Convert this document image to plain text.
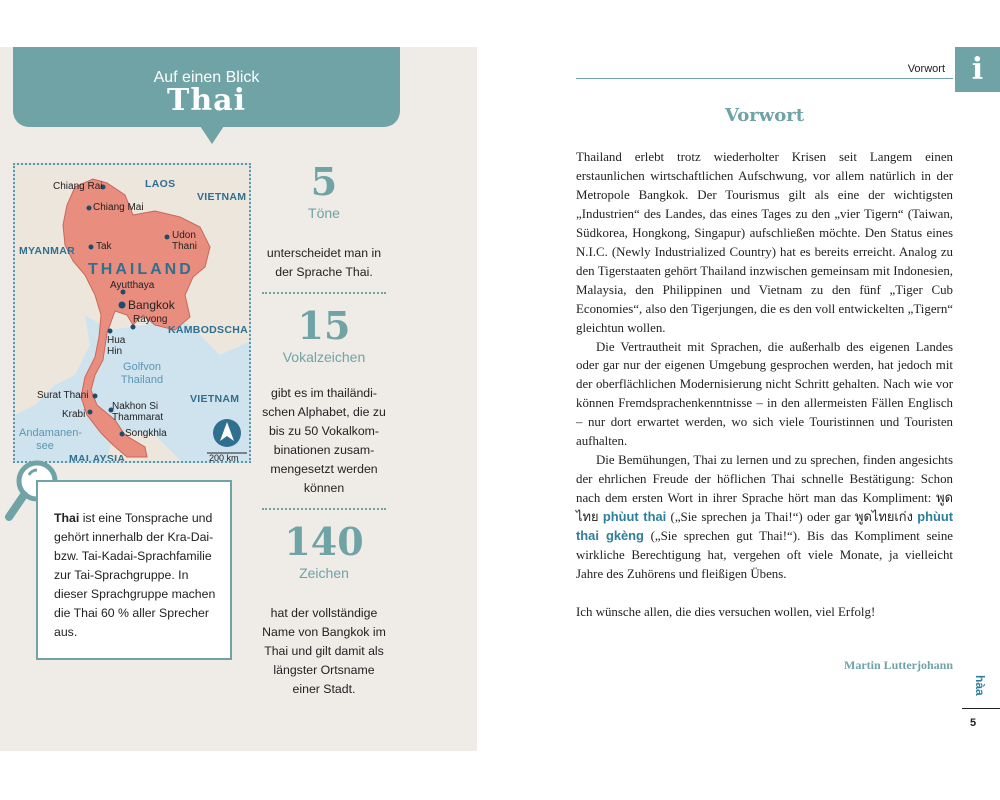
Auf einen Blick
Thai
LAOS
VIETNAM
MYANMAR
KAMBODSCHA
VIETNAM
MALAYSIA
THAILAND
Chiang Rai
Chiang Mai
Udon Thani
Tak
Ayutthaya
Bangkok
Rayong
Hua Hin
Surat Thani
Krabi
Nakhon Si Thammarat
Songkhla
Golfvon Thailand
Andamanen-see
200 km
Thai ist eine Tonsprache und gehört innerhalb der Kra-Dai- bzw. Tai-Kadai-Sprachfamilie zur Tai-Sprachgruppe. In dieser Sprachgruppe machen die Thai 60 % aller Sprecher aus.
5
Töne
unterscheidet man in der Sprache Thai.
15
Vokalzeichen
gibt es im thailändischen Alphabet, die zu bis zu 50 Vokalkombinationen zusammengesetzt werden können
140
Zeichen
hat der vollständige Name von Bangkok im Thai und gilt damit als längster Ortsname einer Stadt.
Vorwort i
Vorwort

Thailand erlebt trotz wiederholter Krisen seit Langem einen erstaunlichen wirtschaftlichen Aufschwung, vor allem natürlich in der Metropole Bangkok. Der Tourismus gilt als eine der wichtigsten „Industrien“ des Landes, das eines Tages zu den „vier Tigern“ (Taiwan, Südkorea, Hongkong, Singapur) aufschließen möchte. Den Status eines N.I.C. (Newly Industrialized Country) hat es bereits erreicht. Analog zu den Tigerstaaten gehört Thailand inzwischen gemeinsam mit Indonesien, Malaysia, den Philippinen und Vietnam zu den fünf „Tiger Cub Economies“, also den Tigerjungen, die es den voll entwickelten „Tigern“ gleichtun wollen.

Die Vertrautheit mit Sprachen, die außerhalb des eigenen Landes oder gar nur der eigenen Umgebung gesprochen werden, hat jedoch mit der oberflächlichen Modernisierung nicht Schritt gehalten. Nach wie vor können Fremdsprachenkenntnisse – in den allermeisten Fällen Englisch – nur dort erwartet werden, wo sich viele Touristinnen und Touristen aufhalten.

Die Bemühungen, Thai zu lernen und zu sprechen, finden angesichts der ehrlichen Freude der höflichen Thai schnelle Bestätigung: Schon nach dem ersten Wort in ihrer Sprache hört man das Kompliment: พูดไทย phùut thai („Sie sprechen ja Thai!“) oder gar พูดไทยเก่ง phùut thai gkèng („Sie sprechen gut Thai!“). Bis das Kompliment seine wirkliche Berechtigung hat, vergehen oft viele Monate, ja vielleicht Jahre des Zuhörens und fleißigen Übens.

Ich wünsche allen, die dies versuchen wollen, viel Erfolg!

Martin Lutterjohann
hàa
5
